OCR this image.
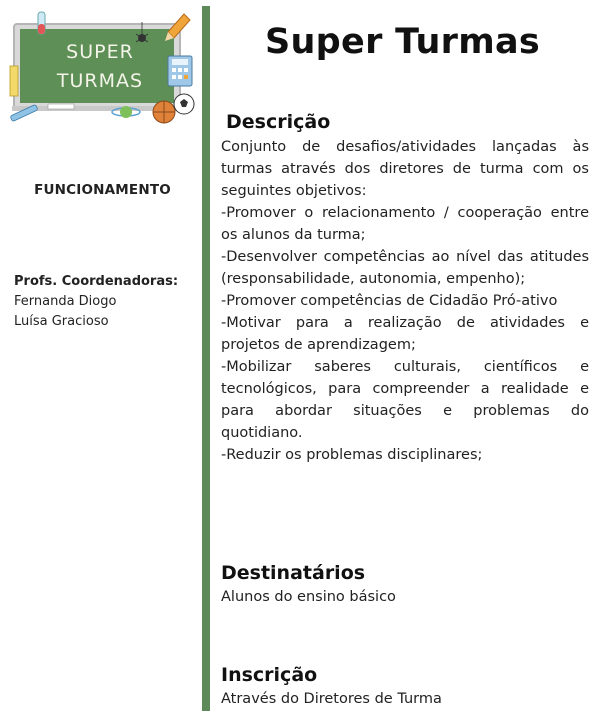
SUPER
TURMAS
FUNCIONAMENTO
Profs. Coordenadoras:
Fernanda Diogo
Luísa Gracioso
Super Turmas
Descrição

Conjunto de desafios/atividades lançadas às turmas através dos diretores de turma com os seguintes objetivos:

-Promover o relacionamento / cooperação entre os alunos da turma;

-Desenvolver competências ao nível das atitudes (responsabilidade, autonomia, empenho);

-Promover competências de Cidadão Pró-ativo

-Motivar para a realização de atividades e projetos de aprendizagem;

-Mobilizar saberes culturais, científicos e tecnológicos, para compreender a realidade e para abordar situações e problemas do quotidiano.

-Reduzir os problemas disciplinares;

Destinatários
Alunos do ensino básico
Inscrição
Através do Diretores de Turma
